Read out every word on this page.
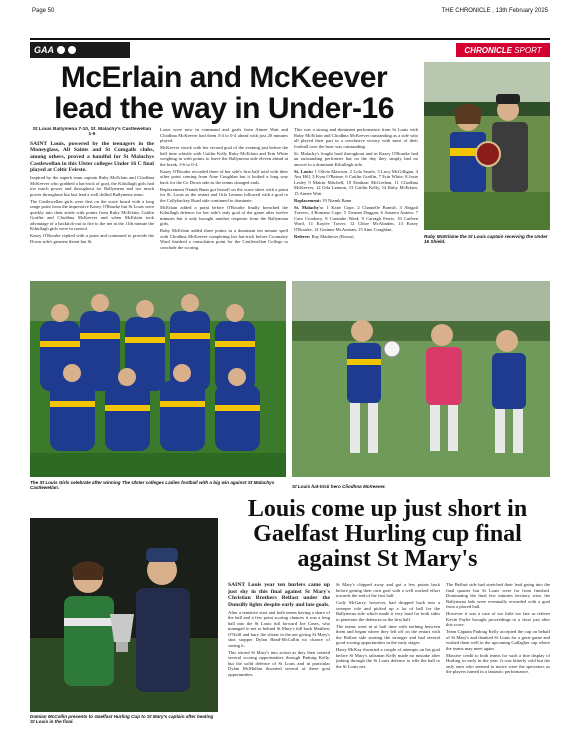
Page 50	THE CHRONICLE , 13th February 2025
GAA	CHRONICLE
SPORT
McErlain and McKeever
lead the way in Under-16
Ruby McErlaine the St Louis captain receiving the Under 16 Shield.
St Louis Ballymena 7-10, St. Malachy's Castlewellan 1-6

SAINT Louis, powered by the teenagers in the Moneyglass, All Saints and St Comgalls clubs, among others, proved a handful for St Malachys Castlewellan in this Ulster colleges Under 16 C final played at Celtic Feirste.

Inspired by the superb team captain Ruby McErlain and Cliodhna McKeever who grabbed a hat-trick of goal, the Kiltullagh girls had too much power and throughout for Ballymena and too much power throughout but last lead a well drilled Ballymena team.

The Castlewellan girls were first on the score board with a long range point from the impressive Kasey O'Rourke but St Louis were quickly into their stride with points from Ruby McErlain, Caitlin Graffin and Cliodhna McKeever and when McErlain took advantage of a backtick-out to fire to the net in the 11th minute the Kiltullagh girls were in control.

Kasey O'Rourke replied with a point and continued to provide the Down side's greatest threat but St.

Louis were now in command and goals from Aimee Watt and Cliodhna McKeever had them 3-4 to 0-4 ahead with just 20 minutes played.

McKeever struck with her second goal of the evening just before the half time whistle with Caitlin Kelly Ruby McErlain and Erin White weighing in with points to leave the Ballymena side eleven ahead at the break, 5-6 to 0-4.

Kasey O'Rourke recorded three of her side's first half total with their other point coming from Aine Coughlan but it looked a long way back for the Co Down side as the teams changed ends.

Replacement Niamh Bann got herself on the score sheet with a point for St. Louis as the restart and Orla Lennon followed with a goal to the Collybackey Road side continued to dominate.

McErlain added a point before O'Rourke finally breached the Kiltullagh defence for her side's only goal of the game after twelve minutes but it only brought another response from the Ballymena girls.

Ruby McErlain added three points in a dominant ten minute spell with Cliodhna McKeever completing her hat-trick before Coomaley Ward finished a consolation point for the Castlewellan College to conclude the scoring.

This was a strong and dominant performance from St Louis with Ruby McErlain and Cliodhna McKeever outstanding as a side who all played their part in a conclusive victory with most of their football over the hour was outstanding.

St. Malachy's fought hard throughout and in Kasey O'Rourke had an outstanding performer but on the day they simply had no answer to a dominant Kiltullagh side.

St. Louis: 1 Olivia Mawson, 2 Lola Searle, 3 Lucy McGilligan, 4 Ava Hill, 5 Kym O'Beirne, 6 Caitlin Graffin, 7 Erin White, 8 Josie Lesley 9 Mairin Mitchell, 10 Eimhear McGeehan, 11 Cliodhna McKeever, 12 Orla Lennon, 13 Caitlin Kelly, 14 Ruby McErlain, 15 Aimee Watt

Replacement: 19 Niamh Bann

St. Malachy's: 1 Katie Cope, 2 Chantelle Bramff, 3 Abigail Travers, 4 Romano Cope, 5 Tiernan Duggan, 6 Amaera Annew, 7 Cara Crookery, 8 Caoimhe Ward, 9 Carragh Ferris, 10 Caileen Ward, 11 Kaylee Traver, 12 Chloe McAlinden, 13 Kasey O'Rourke, 14 Grainne McAvenan, 15 Aine Coughlan.

Referee: Ray Matthews (Rossa)

The St Louis Girls celebrate after winning The Ulster colleges Ladies football with a big win against St Malachys Castlewellan.	St Louis hat-trick hero Cliodhna McKeever.
Damian McCollin presents to Gaelfast Hurling Cup to St Mary's captain after beating St Louis in the final.
Louis come up just short in Gaelfast Hurling cup final against St Mary's

SAINT Louis year ten hurlers came up just shy in this final against St Mary's Christian Brothers Belfast under the Dunsilly lights despite early and late goals.

After a tentative start and both teams having a share of the ball and a few point scoring chances it was a long ball into the St Louis full forward Joe Cases, who managed to net to behind St Mary's full back Matthew O'Neill and bury the sliotar in the net giving St Mary's shot stopper Dylan Hand-McCallin no chance of saving it.

This stirred St Mary's into action as they then created several scoring opportunities through Padraig Kelly, but the solid defence of St Louis and in particular Dylan McMullan thwarted several of these goal opportunities.

St Mary's chipped away and got a few points back before getting their own goal with a well worked effort towards the end of the first half.

Cody McGarry, however, had dropped back into a sweeper role and picked up a lot of ball for the Ballymena side which made it very hard for both sides to penetrate the defences as the first half.

The teams went in at half time with nothing between them and began where they left off on the restart with the Belfast side starting the stronger and had several good scoring opportunities in the early stages.

Harry McKay thwarted a couple of attempts on his goal before St Mary's talisman Kelly made no mistake after jinking through the St Louis defence to rifle the ball to the St Louis net.

The Belfast side had stretched their lead going into the final quarter but St Louis were far from finished. Dominating the final few minutes territory wise, the Ballymena lads were eventually rewarded with a goal from a placed ball.

However it was a case of too little too late as referee Kevin Faylie brought proceedings to a close just after this score.

Team Captain Padraig Kelly accepted the cup on behalf of St Mary's and thanked St Louis for a great game and wished them well in the upcoming Gallagher cup where the teams may meet again.

Massive credit to both teams for such a fine display of Hurling so early in the year. It was bitterly cold but the only ones who seemed to notice were the spectators as the players turned in a fantastic performance.
